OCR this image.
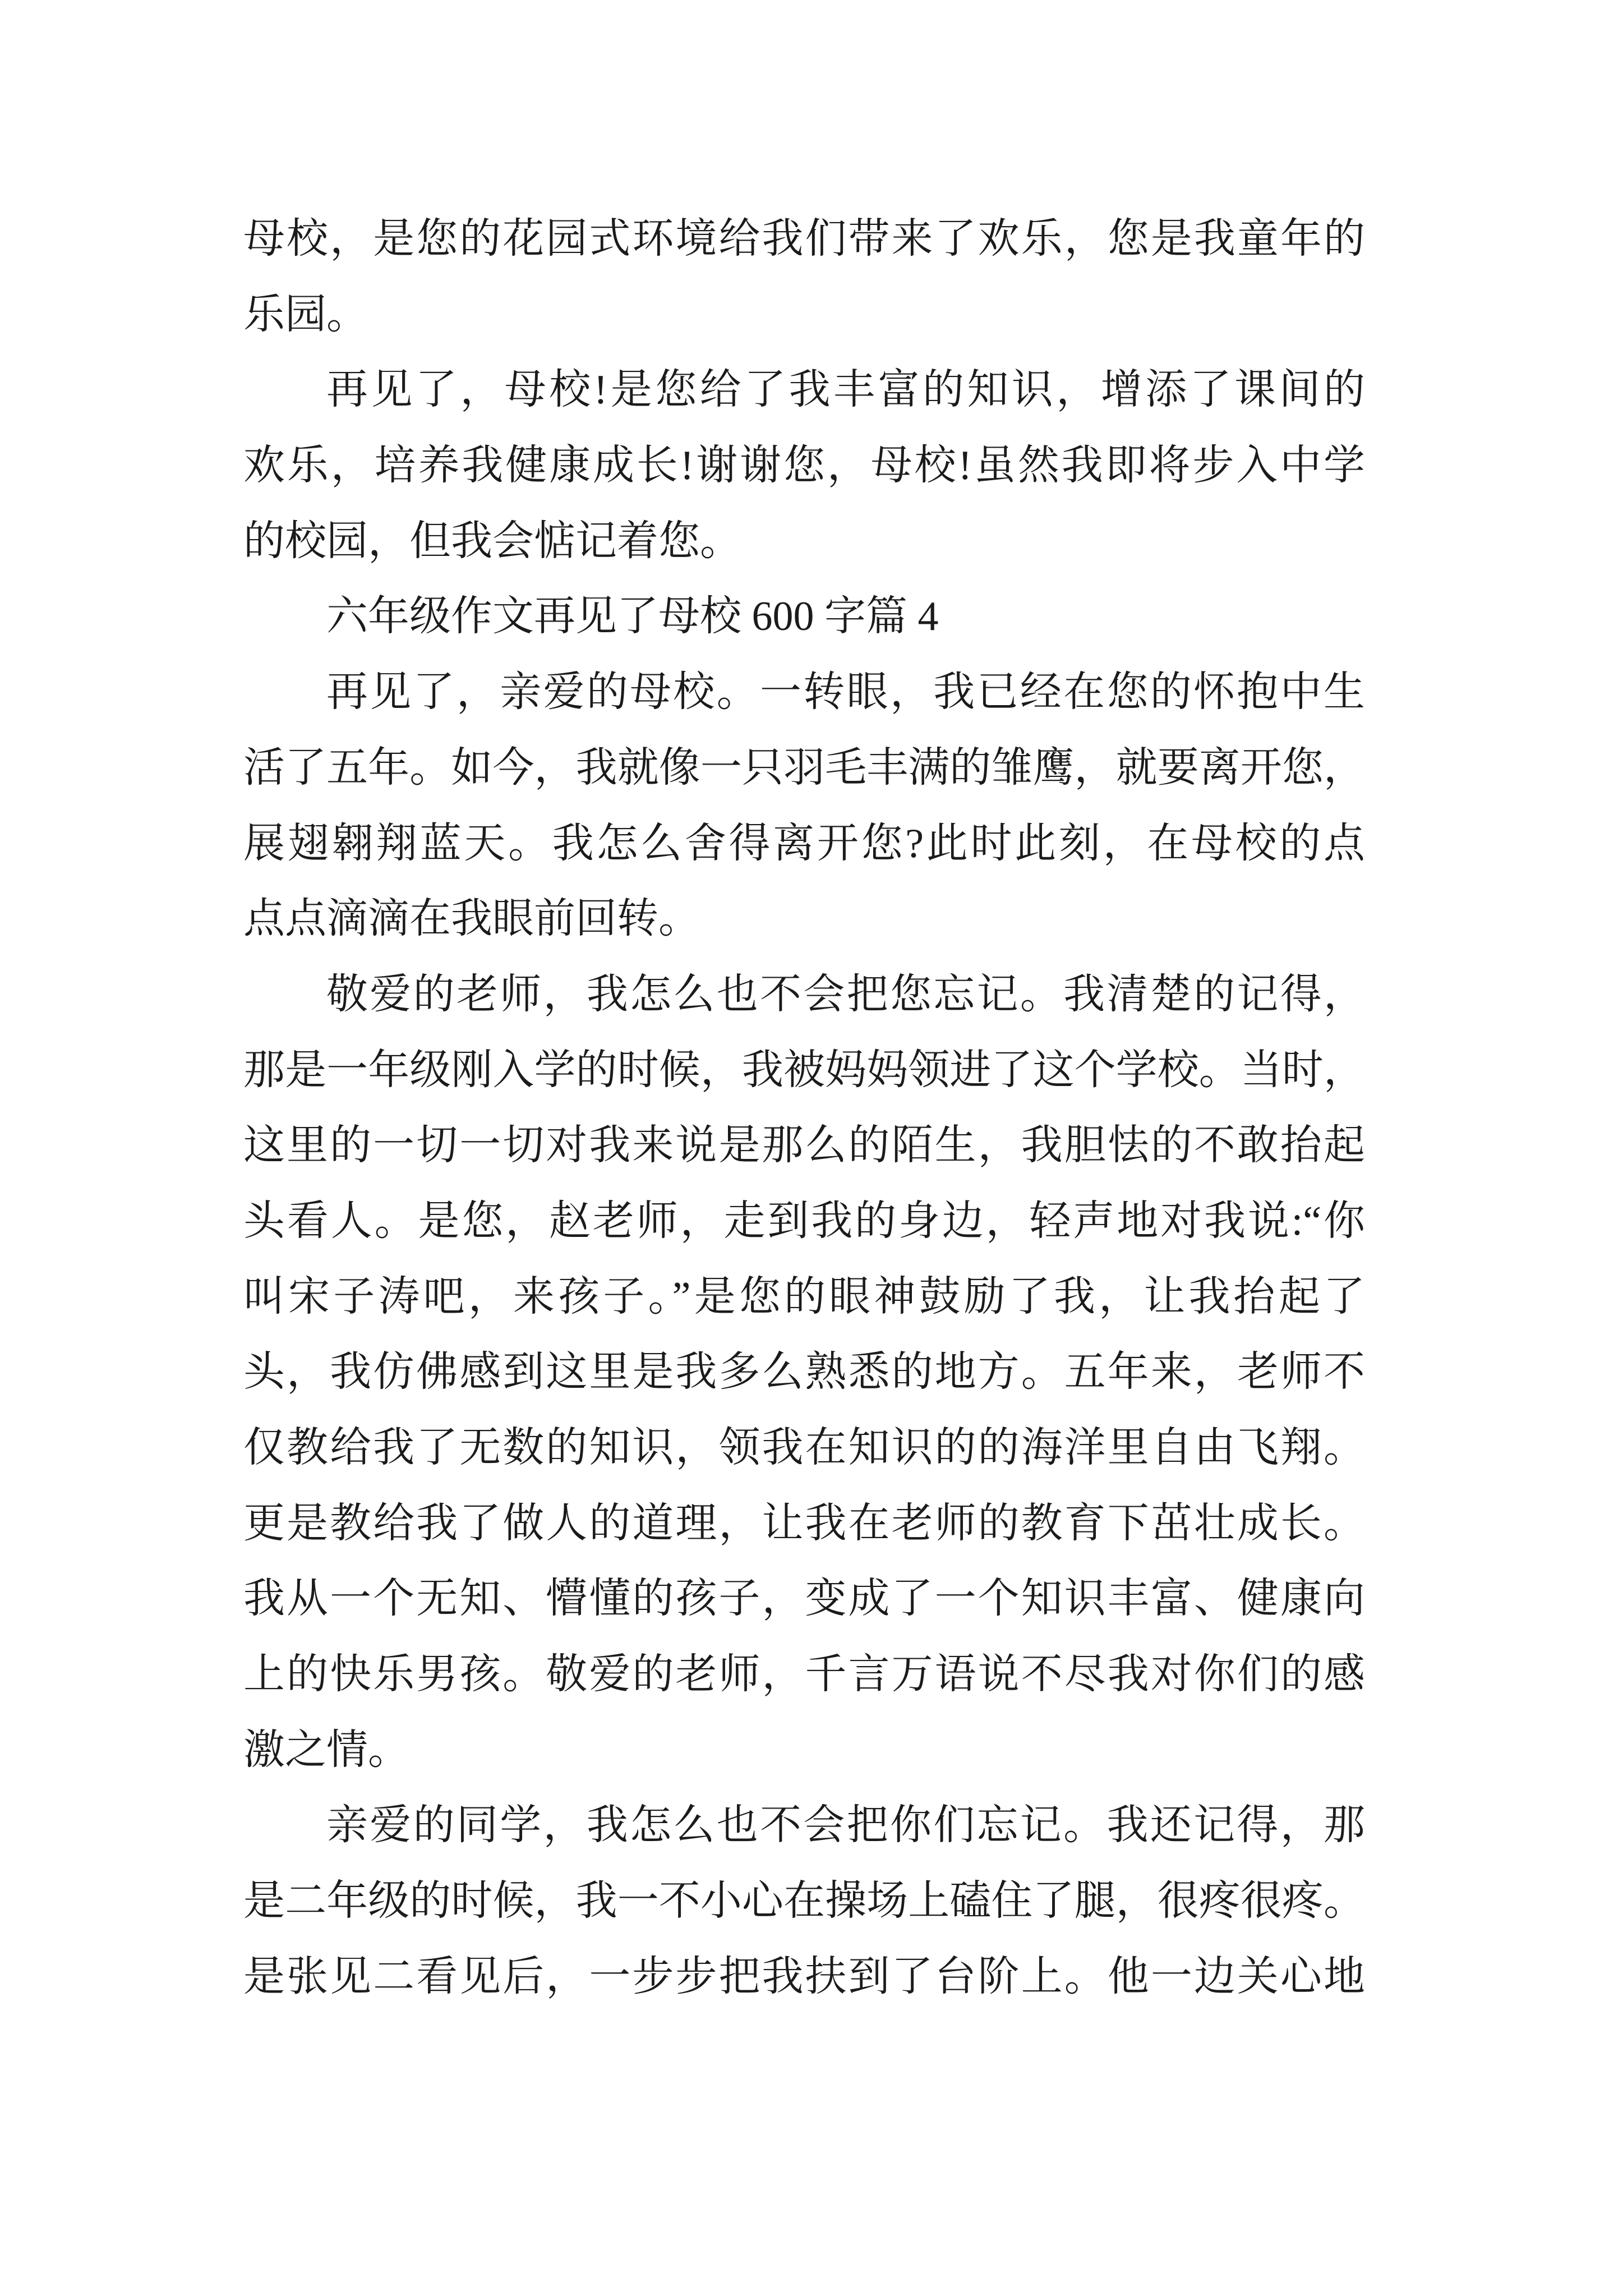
母校，是您的花园式环境给我们带来了欢乐，您是我童年的
乐园。
再见了，母校!是您给了我丰富的知识，增添了课间的
欢乐，培养我健康成长!谢谢您，母校!虽然我即将步入中学
的校园，但我会惦记着您。
六年级作文再见了母校 600 字篇 4
再见了，亲爱的母校。一转眼，我已经在您的怀抱中生
活了五年。如今，我就像一只羽毛丰满的雏鹰，就要离开您，
展翅翱翔蓝天。我怎么舍得离开您?此时此刻，在母校的点
点点滴滴在我眼前回转。
敬爱的老师，我怎么也不会把您忘记。我清楚的记得，
那是一年级刚入学的时候，我被妈妈领进了这个学校。当时，
这里的一切一切对我来说是那么的陌生，我胆怯的不敢抬起
头看人。是您，赵老师，走到我的身边，轻声地对我说:“你
叫宋子涛吧，来孩子。”是您的眼神鼓励了我，让我抬起了
头，我仿佛感到这里是我多么熟悉的地方。五年来，老师不
仅教给我了无数的知识，领我在知识的的海洋里自由飞翔。
更是教给我了做人的道理，让我在老师的教育下茁壮成长。
我从一个无知、懵懂的孩子，变成了一个知识丰富、健康向
上的快乐男孩。敬爱的老师，千言万语说不尽我对你们的感
激之情。
亲爱的同学，我怎么也不会把你们忘记。我还记得，那
是二年级的时候，我一不小心在操场上磕住了腿，很疼很疼。
是张见二看见后，一步步把我扶到了台阶上。他一边关心地
